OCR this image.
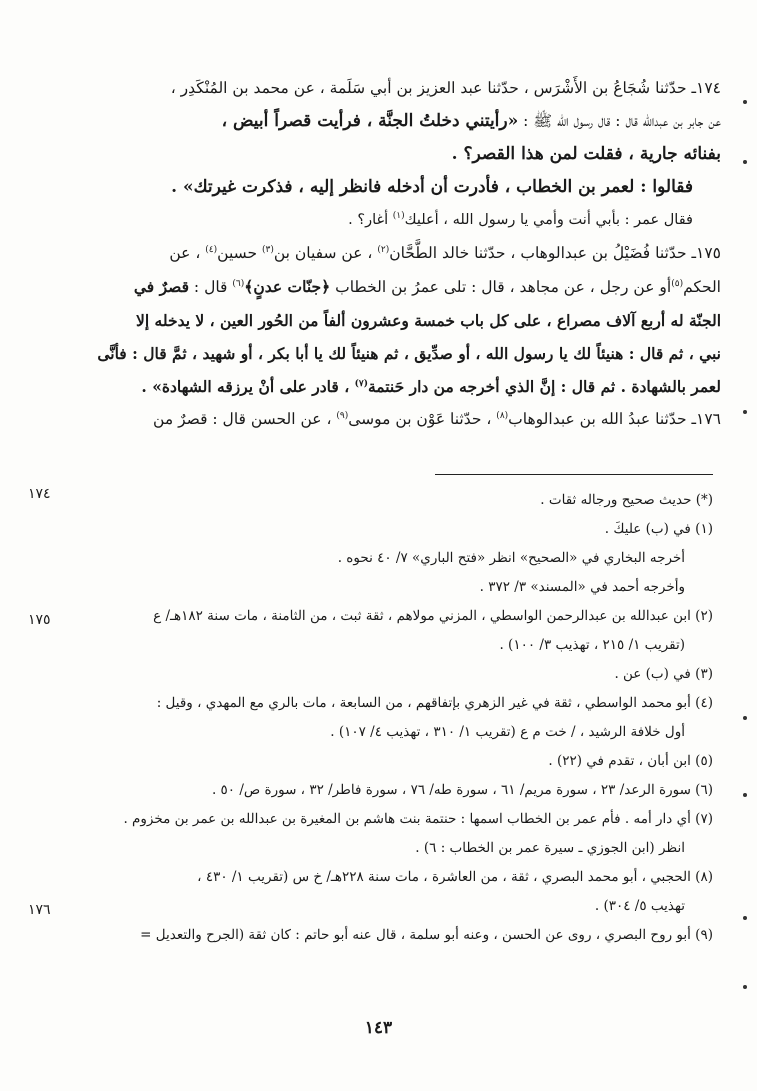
١٧٤ـ حدّثنا شُجَاعُ بن الأَشْرَس ، حدّثنا عبد العزيز بن أبي سَلَمة ، عن محمد بن المُنْكَدِر ،

عن جابر بن عبدالله قال : قال رسول الله ﷺ : «رأيتني دخلتُ الجنَّة ، فرأيت قصراً أبيض ،

بفنائه جارية ، فقلت لمن هذا القصر؟ .

فقالوا : لعمر بن الخطاب ، فأدرت أن أدخله فانظر إليه ، فذكرت غيرتك» .

فقال عمر : بأبي أنت وأمي يا رسول الله ، أعليك$^{(١)}$ أغار؟ .

١٧٥ـ حدّثنا فُضَيْلُ بن عبدالوهاب ، حدّثنا خالد الطَّحَّان$^{(٢)}$ ، عن سفيان بن$^{(٣)}$ حسين$^{(٤)}$ ، عن

الحكم$^{(٥)}$أو عن رجل ، عن مجاهد ، قال : تلى عمرُ بن الخطاب ﴿جنّات عدنٍ﴾$^{(٦)}$ قال : قصرٌ في

الجنّة له أربع آلاف مصراع ، على كل باب خمسة وعشرون ألفاً من الحُور العين ، لا يدخله إلا

نبي ، ثم قال : هنيئاً لك يا رسول الله ، أو صدِّيق ، ثم هنيئاً لك يا أبا بكر ، أو شهيد ، ثمَّ قال : فأنَّى

لعمر بالشهادة . ثم قال : إنَّ الذي أخرجه من دار حَنتمة$^{(٧)}$ ، قادر على أنْ يرزقه الشهادة» .

١٧٦ـ حدّثنا عبدُ الله بن عبدالوهاب$^{(٨)}$ ، حدّثنا عَوْن بن موسى$^{(٩)}$ ، عن الحسن قال : قصرٌ من

(*) حديث صحيح ورجاله ثقات .

(١) في (ب) عليكَ .

أخرجه البخاري في «الصحيح» انظر «فتح الباري» ٧/ ٤٠ نحوه .

وأخرجه أحمد في «المسند» ٣/ ٣٧٢ .

(٢) ابن عبدالله بن عبدالرحمن الواسطي ، المزني مولاهم ، ثقة ثبت ، من الثامنة ، مات سنة ١٨٢هـ/ ع

(تقريب ١/ ٢١٥ ، تهذيب ٣/ ١٠٠) .

(٣) في (ب) عن .

(٤) أبو محمد الواسطي ، ثقة في غير الزهري بإتفاقهم ، من السابعة ، مات بالري مع المهدي ، وقيل :

أول خلافة الرشيد ، / خت م ع (تقريب ١/ ٣١٠ ، تهذيب ٤/ ١٠٧) .

(٥) ابن أبان ، تقدم في (٢٢) .

(٦) سورة الرعد/ ٢٣ ، سورة مريم/ ٦١ ، سورة طه/ ٧٦ ، سورة فاطر/ ٣٢ ، سورة ص/ ٥٠ .

(٧) أي دار أمه . فأم عمر بن الخطاب اسمها : حنتمة بنت هاشم بن المغيرة بن عبدالله بن عمر بن مخزوم .

انظر (ابن الجوزي ـ سيرة عمر بن الخطاب : ٦) .

(٨) الحجبي ، أبو محمد البصري ، ثقة ، من العاشرة ، مات سنة ٢٢٨هـ/ خ س (تقريب ١/ ٤٣٠ ،

تهذيب ٥/ ٣٠٤) .

(٩) أبو روح البصري ، روى عن الحسن ، وعنه أبو سلمة ، قال عنه أبو حاتم : كان ثقة (الجرح والتعديل =

١٧٤
١٧٥
١٧٦
١٤٣
